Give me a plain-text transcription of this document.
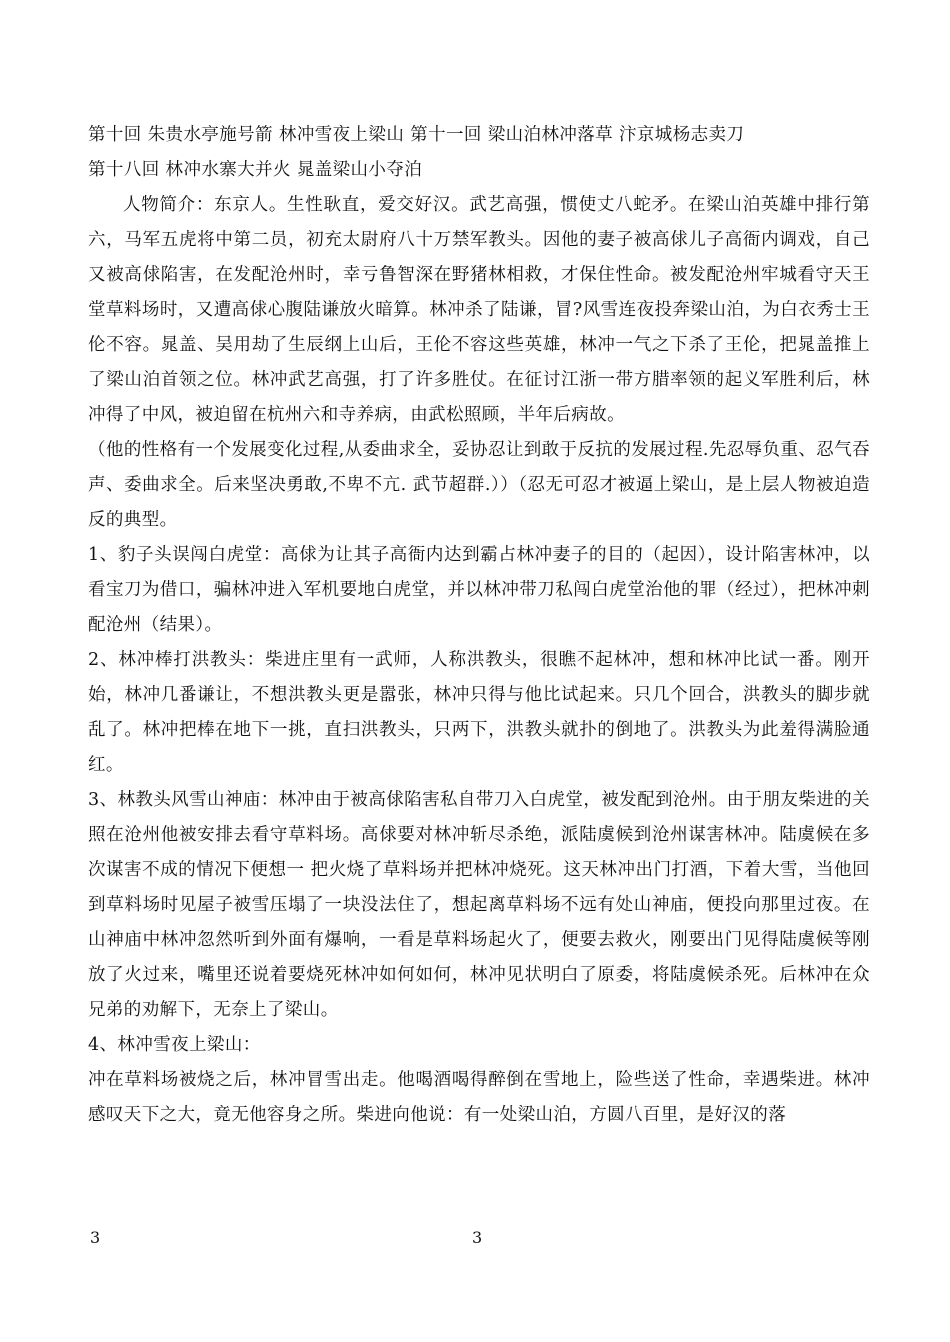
第十回 朱贵水亭施号箭 林冲雪夜上梁山 第十一回 梁山泊林冲落草 汴京城杨志卖刀

第十八回 林冲水寨大并火 晁盖梁山小夺泊

人物简介：东京人。生性耿直，爱交好汉。武艺高强，惯使丈八蛇矛。在梁山泊英雄中排行第六，马军五虎将中第二员，初充太尉府八十万禁军教头。因他的妻子被高俅儿子高衙内调戏，自己又被高俅陷害，在发配沧州时，幸亏鲁智深在野猪林相救，才保住性命。被发配沧州牢城看守天王堂草料场时，又遭高俅心腹陆谦放火暗算。林冲杀了陆谦，冒?风雪连夜投奔梁山泊，为白衣秀士王伦不容。晁盖、吴用劫了生辰纲上山后，王伦不容这些英雄，林冲一气之下杀了王伦，把晁盖推上了梁山泊首领之位。林冲武艺高强，打了许多胜仗。在征讨江浙一带方腊率领的起义军胜利后，林冲得了中风，被迫留在杭州六和寺养病，由武松照顾，半年后病故。

（他的性格有一个发展变化过程,从委曲求全，妥协忍让到敢于反抗的发展过程.先忍辱负重、忍气吞声、委曲求全。后来坚决勇敢,不卑不亢. 武节超群.））（忍无可忍才被逼上梁山，是上层人物被迫造反的典型。

1、豹子头误闯白虎堂：高俅为让其子高衙内达到霸占林冲妻子的目的（起因），设计陷害林冲，以看宝刀为借口，骗林冲进入军机要地白虎堂，并以林冲带刀私闯白虎堂治他的罪（经过），把林冲刺配沧州（结果）。

2、林冲棒打洪教头：柴进庄里有一武师，人称洪教头，很瞧不起林冲，想和林冲比试一番。刚开始，林冲几番谦让，不想洪教头更是嚣张，林冲只得与他比试起来。只几个回合，洪教头的脚步就乱了。林冲把棒在地下一挑，直扫洪教头，只两下，洪教头就扑的倒地了。洪教头为此羞得满脸通红。

3、林教头风雪山神庙：林冲由于被高俅陷害私自带刀入白虎堂，被发配到沧州。由于朋友柴进的关照在沧州他被安排去看守草料场。高俅要对林冲斩尽杀绝，派陆虞候到沧州谋害林冲。陆虞候在多次谋害不成的情况下便想一 把火烧了草料场并把林冲烧死。这天林冲出门打酒，下着大雪，当他回到草料场时见屋子被雪压塌了一块没法住了，想起离草料场不远有处山神庙，便投向那里过夜。在山神庙中林冲忽然听到外面有爆响，一看是草料场起火了，便要去救火，刚要出门见得陆虞候等刚放了火过来，嘴里还说着要烧死林冲如何如何，林冲见状明白了原委，将陆虞候杀死。后林冲在众兄弟的劝解下，无奈上了梁山。

4、林冲雪夜上梁山：

冲在草料场被烧之后，林冲冒雪出走。他喝酒喝得醉倒在雪地上，险些送了性命，幸遇柴进。林冲感叹天下之大，竟无他容身之所。柴进向他说：有一处梁山泊，方圆八百里，是好汉的落

3	3
